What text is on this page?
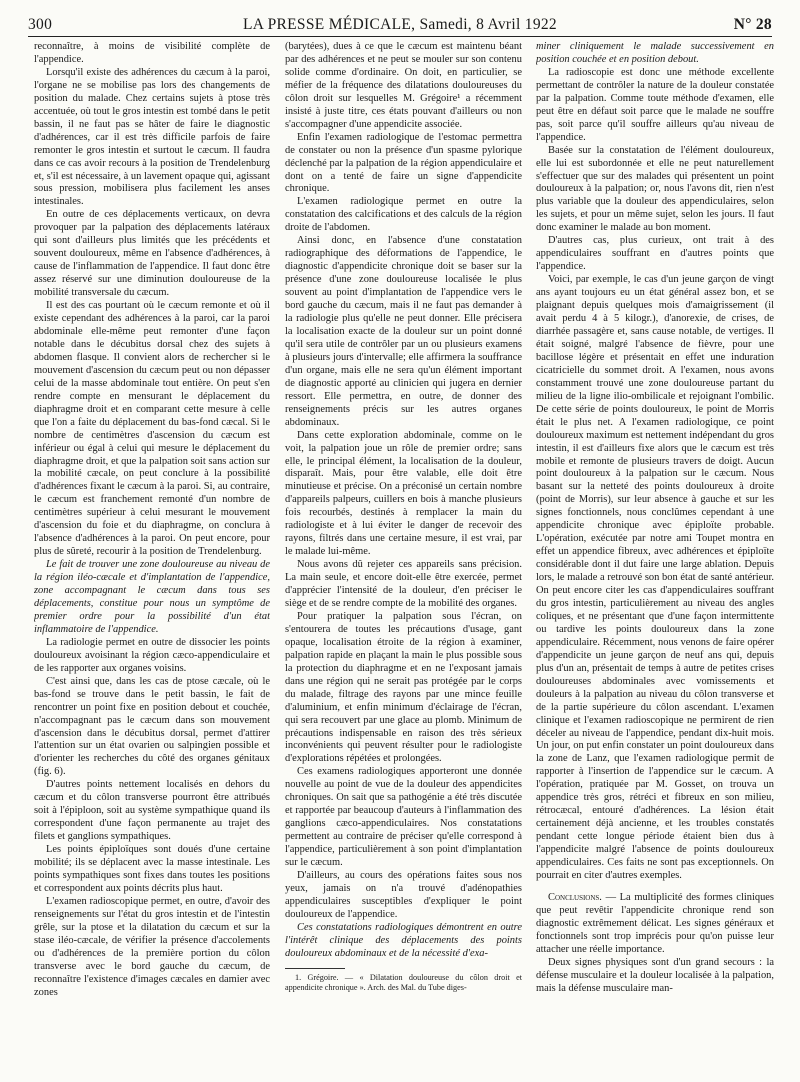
300	LA PRESSE MÉDICALE, Samedi, 8 Avril 1922	N° 28

reconnaître, à moins de visibilité complète de l'appendice.

Lorsqu'il existe des adhérences du cæcum à la paroi, l'organe ne se mobilise pas lors des changements de position du malade. Chez certains sujets à ptose très accentuée, où tout le gros intestin est tombé dans le petit bassin, il ne faut pas se hâter de faire le diagnostic d'adhérences, car il est très difficile parfois de faire remonter le gros intestin et surtout le cæcum. Il faudra dans ce cas avoir recours à la position de Trendelenburg et, s'il est nécessaire, à un lavement opaque qui, agissant sous pression, mobilisera plus facilement les anses intestinales.

En outre de ces déplacements verticaux, on devra provoquer par la palpation des déplacements latéraux qui sont d'ailleurs plus limités que les précédents et souvent douloureux, même en l'absence d'adhérences, à cause de l'inflammation de l'appendice. Il faut donc être assez réservé sur une diminution douloureuse de la mobilité transversale du cæcum.

Il est des cas pourtant où le cæcum remonte et où il existe cependant des adhérences à la paroi, car la paroi abdominale elle-même peut remonter d'une façon notable dans le décubitus dorsal chez des sujets à abdomen flasque. Il convient alors de rechercher si le mouvement d'ascension du cæcum peut ou non dépasser celui de la masse abdominale tout entière. On peut s'en rendre compte en mensurant le déplacement du diaphragme droit et en comparant cette mesure à celle que l'on a faite du déplacement du bas-fond cæcal. Si le nombre de centimètres d'ascension du cæcum est inférieur ou égal à celui qui mesure le déplacement du diaphragme droit, et que la palpation soit sans action sur la mobilité cæcale, on peut conclure à la possibilité d'adhérences fixant le cæcum à la paroi. Si, au contraire, le cæcum est franchement remonté d'un nombre de centimètres supérieur à celui mesurant le mouvement d'ascension du foie et du diaphragme, on conclura à l'absence d'adhérences à la paroi. On peut encore, pour plus de sûreté, recourir à la position de Trendelenburg.

Le fait de trouver une zone douloureuse au niveau de la région iléo-cæcale et d'implantation de l'appendice, zone accompagnant le cæcum dans tous ses déplacements, constitue pour nous un symptôme de premier ordre pour la possibilité d'un état inflammatoire de l'appendice.

La radiologie permet en outre de dissocier les points douloureux avoisinant la région cæco-appendiculaire et de les rapporter aux organes voisins.

C'est ainsi que, dans les cas de ptose cæcale, où le bas-fond se trouve dans le petit bassin, le fait de rencontrer un point fixe en position debout et couchée, n'accompagnant pas le cæcum dans son mouvement d'ascension dans le décubitus dorsal, permet d'attirer l'attention sur un état ovarien ou salpingien possible et d'orienter les recherches du côté des organes génitaux (fig. 6).

D'autres points nettement localisés en dehors du cæcum et du côlon transverse pourront être attribués soit à l'épiploon, soit au système sympathique quand ils correspondent d'une façon permanente au trajet des filets et ganglions sympathiques.

Les points épiploïques sont doués d'une certaine mobilité; ils se déplacent avec la masse intestinale. Les points sympathiques sont fixes dans toutes les positions et correspondent aux points décrits plus haut.

L'examen radioscopique permet, en outre, d'avoir des renseignements sur l'état du gros intestin et de l'intestin grêle, sur la ptose et la dilatation du cæcum et sur la stase iléo-cæcale, de vérifier la présence d'accolements ou d'adhérences de la première portion du côlon transverse avec le bord gauche du cæcum, de reconnaître l'existence d'images cæcales en damier avec zones

(barytées), dues à ce que le cæcum est maintenu béant par des adhérences et ne peut se mouler sur son contenu solide comme d'ordinaire. On doit, en particulier, se méfier de la fréquence des dilatations douloureuses du côlon droit sur lesquelles M. Grégoire¹ a récemment insisté à juste titre, ces états pouvant d'ailleurs ou non s'accompagner d'une appendicite associée.

Enfin l'examen radiologique de l'estomac permettra de constater ou non la présence d'un spasme pylorique déclenché par la palpation de la région appendiculaire et dont on a tenté de faire un signe d'appendicite chronique.

L'examen radiologique permet en outre la constatation des calcifications et des calculs de la région droite de l'abdomen.

Ainsi donc, en l'absence d'une constatation radiographique des déformations de l'appendice, le diagnostic d'appendicite chronique doit se baser sur la présence d'une zone douloureuse localisée le plus souvent au point d'implantation de l'appendice vers le bord gauche du cæcum, mais il ne faut pas demander à la radiologie plus qu'elle ne peut donner. Elle précisera la localisation exacte de la douleur sur un point donné qu'il sera utile de contrôler par un ou plusieurs examens à plusieurs jours d'intervalle; elle affirmera la souffrance d'un organe, mais elle ne sera qu'un élément important de diagnostic apporté au clinicien qui jugera en dernier ressort. Elle permettra, en outre, de donner des renseignements précis sur les autres organes abdominaux.

Dans cette exploration abdominale, comme on le voit, la palpation joue un rôle de premier ordre; sans elle, le principal élément, la localisation de la douleur, disparaît. Mais, pour être valable, elle doit être minutieuse et précise. On a préconisé un certain nombre d'appareils palpeurs, cuillers en bois à manche plusieurs fois recourbés, destinés à remplacer la main du radiologiste et à lui éviter le danger de recevoir des rayons, filtrés dans une certaine mesure, il est vrai, par le malade lui-même.

Nous avons dû rejeter ces appareils sans précision. La main seule, et encore doit-elle être exercée, permet d'apprécier l'intensité de la douleur, d'en préciser le siège et de se rendre compte de la mobilité des organes.

Pour pratiquer la palpation sous l'écran, on s'entourera de toutes les précautions d'usage, gant opaque, localisation étroite de la région à examiner, palpation rapide en plaçant la main le plus possible sous la protection du diaphragme et en ne l'exposant jamais dans une région qui ne serait pas protégée par le corps du malade, filtrage des rayons par une mince feuille d'aluminium, et enfin minimum d'éclairage de l'écran, qui sera recouvert par une glace au plomb. Minimum de précautions indispensable en raison des très sérieux inconvénients qui peuvent résulter pour le radiologiste d'explorations répétées et prolongées.

Ces examens radiologiques apporteront une donnée nouvelle au point de vue de la douleur des appendicites chroniques. On sait que sa pathogénie a été très discutée et rapportée par beaucoup d'auteurs à l'inflammation des ganglions cæco-appendiculaires. Nos constatations permettent au contraire de préciser qu'elle correspond à l'appendice, particulièrement à son point d'implantation sur le cæcum.

D'ailleurs, au cours des opérations faites sous nos yeux, jamais on n'a trouvé d'adénopathies appendiculaires susceptibles d'expliquer le point douloureux de l'appendice.

Ces constatations radiologiques démontrent en outre l'intérêt clinique des déplacements des points douloureux abdominaux et de la nécessité d'exa-

1. Grégoire. — « Dilatation douloureuse du côlon droit et appendicite chronique ». Arch. des Mal. du Tube diges-

miner cliniquement le malade successivement en position couchée et en position debout.

La radioscopie est donc une méthode excellente permettant de contrôler la nature de la douleur constatée par la palpation. Comme toute méthode d'examen, elle peut être en défaut soit parce que le malade ne souffre pas, soit parce qu'il souffre ailleurs qu'au niveau de l'appendice.

Basée sur la constatation de l'élément douloureux, elle lui est subordonnée et elle ne peut naturellement s'effectuer que sur des malades qui présentent un point douloureux à la palpation; or, nous l'avons dit, rien n'est plus variable que la douleur des appendiculaires, selon les sujets, et pour un même sujet, selon les jours. Il faut donc examiner le malade au bon moment.

D'autres cas, plus curieux, ont trait à des appendiculaires souffrant en d'autres points que l'appendice.

Voici, par exemple, le cas d'un jeune garçon de vingt ans ayant toujours eu un état général assez bon, et se plaignant depuis quelques mois d'amaigrissement (il avait perdu 4 à 5 kilogr.), d'anorexie, de crises, de diarrhée passagère et, sans cause notable, de vertiges. Il était soigné, malgré l'absence de fièvre, pour une bacillose légère et présentait en effet une induration cicatricielle du sommet droit. A l'examen, nous avons constamment trouvé une zone douloureuse partant du milieu de la ligne ilio-ombilicale et rejoignant l'ombilic. De cette série de points douloureux, le point de Morris était le plus net. A l'examen radiologique, ce point douloureux maximum est nettement indépendant du gros intestin, il est d'ailleurs fixe alors que le cæcum est très mobile et remonte de plusieurs travers de doigt. Aucun point douloureux à la palpation sur le cæcum. Nous basant sur la netteté des points douloureux à droite (point de Morris), sur leur absence à gauche et sur les signes fonctionnels, nous conclûmes cependant à une appendicite chronique avec épiploïte probable. L'opération, exécutée par notre ami Toupet montra en effet un appendice fibreux, avec adhérences et épiploïte considérable dont il dut faire une large ablation. Depuis lors, le malade a retrouvé son bon état de santé antérieur. On peut encore citer les cas d'appendiculaires souffrant du gros intestin, particulièrement au niveau des angles coliques, et ne présentant que d'une façon intermittente ou tardive les points douloureux dans la zone appendiculaire. Récemment, nous venons de faire opérer d'appendicite un jeune garçon de neuf ans qui, depuis plus d'un an, présentait de temps à autre de petites crises douloureuses abdominales avec vomissements et douleurs à la palpation au niveau du côlon transverse et de la partie supérieure du côlon ascendant. L'examen clinique et l'examen radioscopique ne permirent de rien déceler au niveau de l'appendice, pendant dix-huit mois. Un jour, on put enfin constater un point douloureux dans la zone de Lanz, que l'examen radiologique permit de rapporter à l'insertion de l'appendice sur le cæcum. A l'opération, pratiquée par M. Gosset, on trouva un appendice très gros, rétréci et fibreux en son milieu, rétrocæcal, entouré d'adhérences. La lésion était certainement déjà ancienne, et les troubles constatés pendant cette longue période étaient bien dus à l'appendicite malgré l'absence de points douloureux appendiculaires. Ces faits ne sont pas exceptionnels. On pourrait en citer d'autres exemples.

Conclusions. — La multiplicité des formes cliniques que peut revêtir l'appendicite chronique rend son diagnostic extrêmement délicat. Les signes généraux et fonctionnels sont trop imprécis pour qu'on puisse leur attacher une réelle importance.

Deux signes physiques sont d'un grand secours : la défense musculaire et la douleur localisée à la palpation, mais la défense musculaire man-
